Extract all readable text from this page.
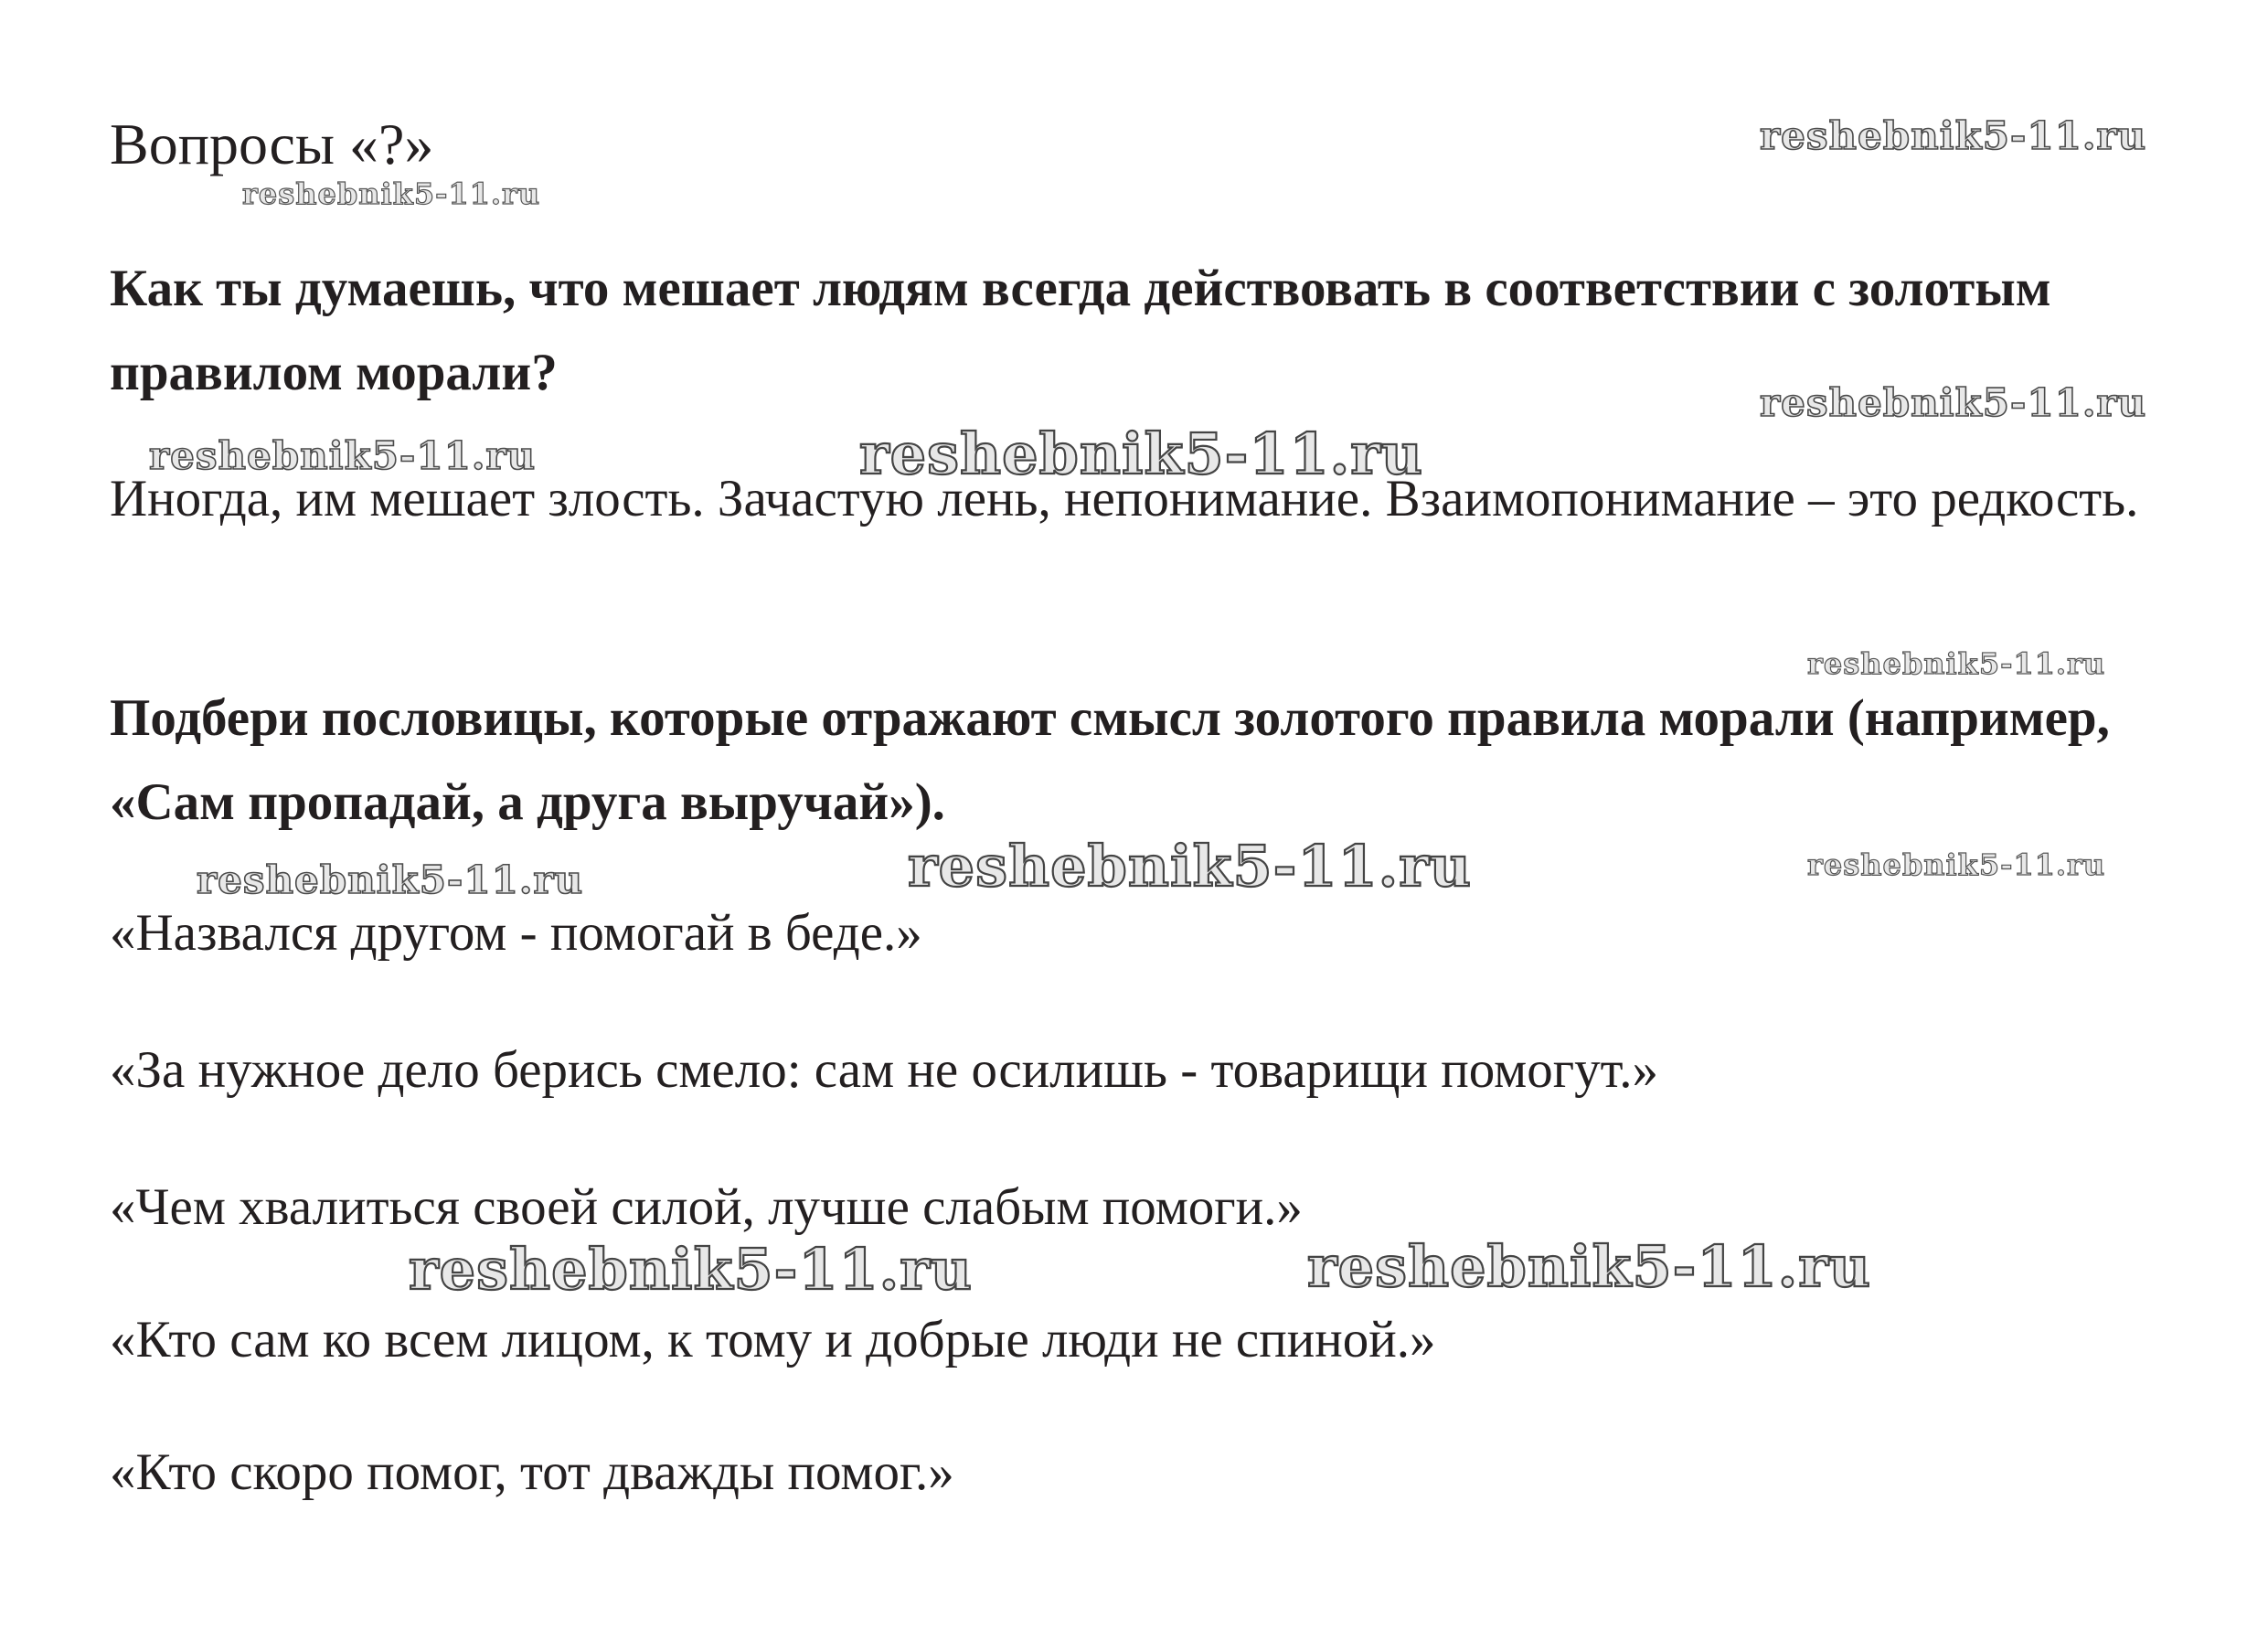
Вопросы «?»

Как ты думаешь, что мешает людям всегда действовать в соответствии с золотым правилом морали?

Иногда, им мешает злость. Зачастую лень, непонимание. Взаимопонимание – это редкость.

Подбери пословицы, которые отражают смысл золотого правила морали (например, «Сам пропадай, а друга выручай»).

«Назвался другом - помогай в беде.»

«За нужное дело берись смело: сам не осилишь - товарищи помогут.»

«Чем хвалиться своей силой, лучше слабым помоги.»

«Кто сам ко всем лицом, к тому и добрые люди не спиной.»

«Кто скоро помог, тот дважды помог.»

reshebnik5-11.ru
reshebnik5-11.ru
reshebnik5-11.ru
reshebnik5-11.ru	reshebnik5-11.ru
reshebnik5-11.ru
reshebnik5-11.ru	reshebnik5-11.ru	reshebnik5-11.ru
reshebnik5-11.ru	reshebnik5-11.ru
